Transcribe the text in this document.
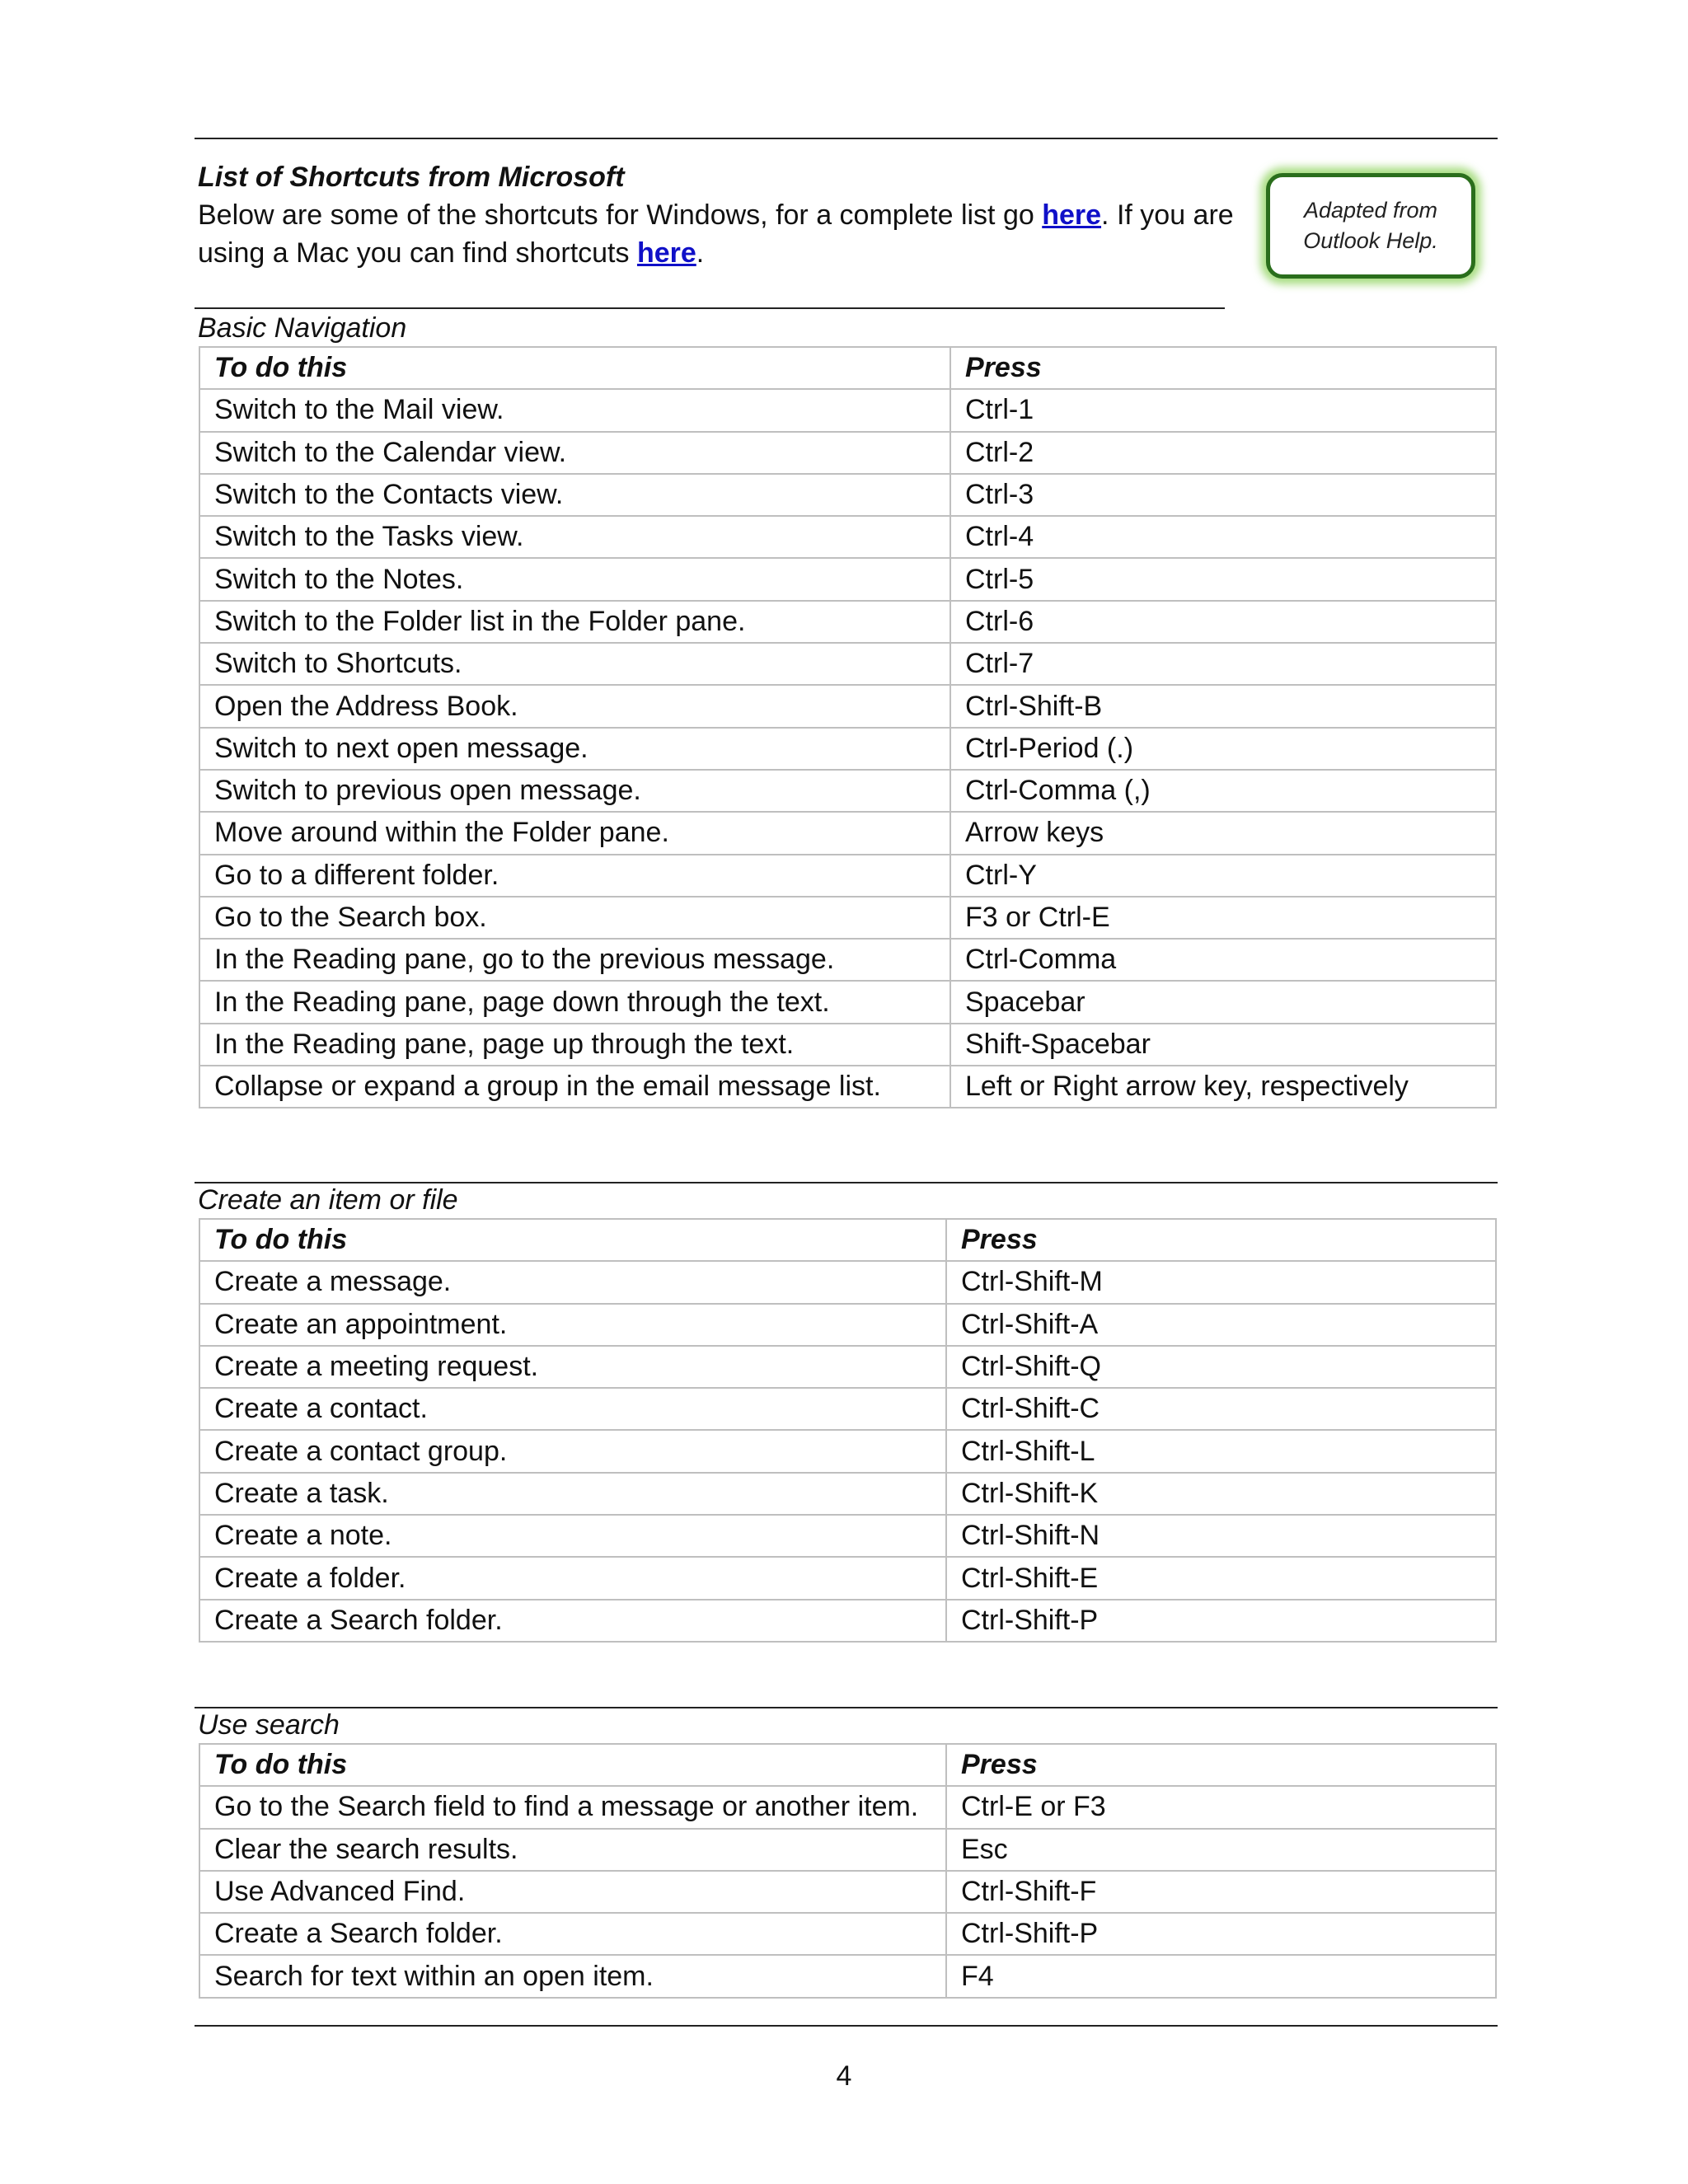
List of Shortcuts from Microsoft
Below are some of the shortcuts for Windows, for a complete list go here. If you are using a Mac you can find shortcuts here.
Adapted from
Outlook Help.
Basic Navigation
To do this	Press
Switch to the Mail view.	Ctrl-1
Switch to the Calendar view.	Ctrl-2
Switch to the Contacts view.	Ctrl-3
Switch to the Tasks view.	Ctrl-4
Switch to the Notes.	Ctrl-5
Switch to the Folder list in the Folder pane.	Ctrl-6
Switch to Shortcuts.	Ctrl-7
Open the Address Book.	Ctrl-Shift-B
Switch to next open message.	Ctrl-Period (.)
Switch to previous open message.	Ctrl-Comma (,)
Move around within the Folder pane.	Arrow keys
Go to a different folder.	Ctrl-Y
Go to the Search box.	F3 or Ctrl-E
In the Reading pane, go to the previous message.	Ctrl-Comma
In the Reading pane, page down through the text.	Spacebar
In the Reading pane, page up through the text.	Shift-Spacebar
Collapse or expand a group in the email message list.	Left or Right arrow key, respectively
Create an item or file
To do this	Press
Create a message.	Ctrl-Shift-M
Create an appointment.	Ctrl-Shift-A
Create a meeting request.	Ctrl-Shift-Q
Create a contact.	Ctrl-Shift-C
Create a contact group.	Ctrl-Shift-L
Create a task.	Ctrl-Shift-K
Create a note.	Ctrl-Shift-N
Create a folder.	Ctrl-Shift-E
Create a Search folder.	Ctrl-Shift-P
Use search
To do this	Press
Go to the Search field to find a message or another item.	Ctrl-E or F3
Clear the search results.	Esc
Use Advanced Find.	Ctrl-Shift-F
Create a Search folder.	Ctrl-Shift-P
Search for text within an open item.	F4
4
